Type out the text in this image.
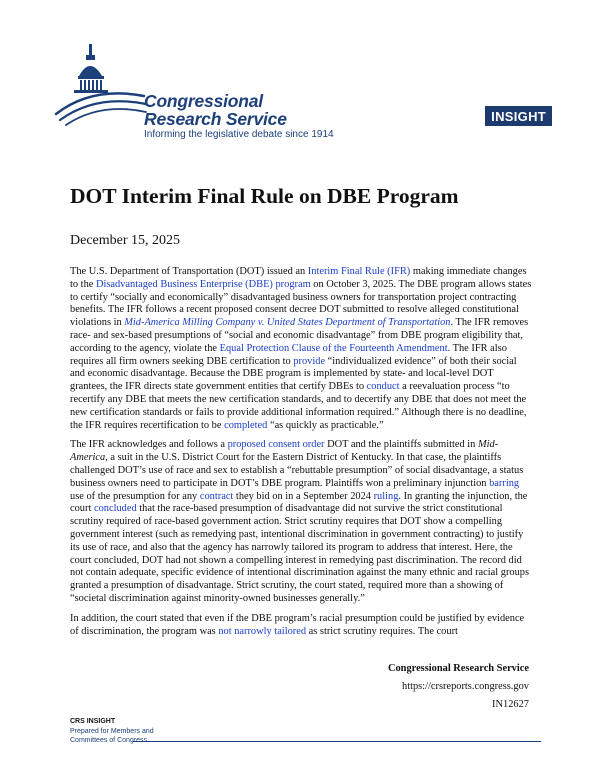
Congressional
Research Service
Informing the legislative debate since 1914
INSIGHT
DOT Interim Final Rule on DBE Program

December 15, 2025

The U.S. Department of Transportation (DOT) issued an Interim Final Rule (IFR) making immediate changes to the Disadvantaged Business Enterprise (DBE) program on October 3, 2025. The DBE program allows states to certify “socially and economically” disadvantaged business owners for transportation project contracting benefits. The IFR follows a recent proposed consent decree DOT submitted to resolve alleged constitutional violations in Mid-America Milling Company v. United States Department of Transportation. The IFR removes race- and sex-based presumptions of “social and economic disadvantage” from DBE program eligibility that, according to the agency, violate the Equal Protection Clause of the Fourteenth Amendment. The IFR also requires all firm owners seeking DBE certification to provide “individualized evidence” of both their social and economic disadvantage. Because the DBE program is implemented by state- and local-level DOT grantees, the IFR directs state government entities that certify DBEs to conduct a reevaluation process “to recertify any DBE that meets the new certification standards, and to decertify any DBE that does not meet the new certification standards or fails to provide additional information required.” Although there is no deadline, the IFR requires recertification to be completed “as quickly as practicable.”

The IFR acknowledges and follows a proposed consent order DOT and the plaintiffs submitted in Mid-America, a suit in the U.S. District Court for the Eastern District of Kentucky. In that case, the plaintiffs challenged DOT’s use of race and sex to establish a “rebuttable presumption” of social disadvantage, a status business owners need to participate in DOT’s DBE program. Plaintiffs won a preliminary injunction barring use of the presumption for any contract they bid on in a September 2024 ruling. In granting the injunction, the court concluded that the race-based presumption of disadvantage did not survive the strict constitutional scrutiny required of race-based government action. Strict scrutiny requires that DOT show a compelling government interest (such as remedying past, intentional discrimination in government contracting) to justify its use of race, and also that the agency has narrowly tailored its program to address that interest. Here, the court concluded, DOT had not shown a compelling interest in remedying past discrimination. The record did not contain adequate, specific evidence of intentional discrimination against the many ethnic and racial groups granted a presumption of disadvantage. Strict scrutiny, the court stated, required more than a showing of “societal discrimination against minority-owned businesses generally.”

In addition, the court stated that even if the DBE program’s racial presumption could be justified by evidence of discrimination, the program was not narrowly tailored as strict scrutiny requires. The court

Congressional Research Service
https://crsreports.congress.gov
IN12627
CRS INSIGHT
Prepared for Members and
Committees of Congress
